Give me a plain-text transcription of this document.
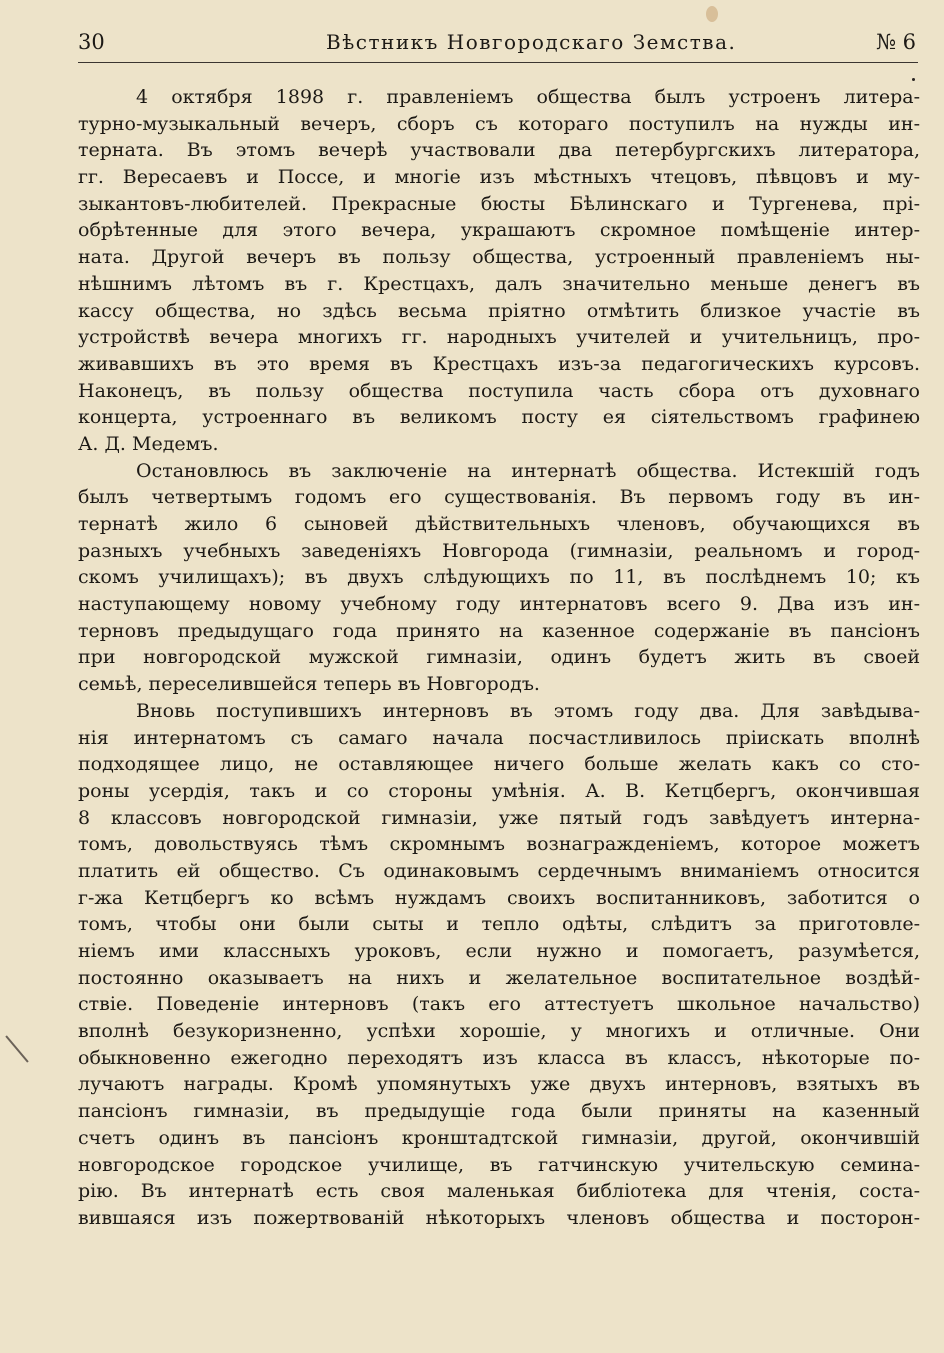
30	Вѣстникъ Новгородскаго Земства.	№ 6
4 октября 1898 г. правленіемъ общества былъ устроенъ литера-
турно-музыкальный вечеръ, сборъ съ котораго поступилъ на нужды ин-
терната. Въ этомъ вечерѣ участвовали два петербургскихъ литератора,
гг. Вересаевъ и Поссе, и многіе изъ мѣстныхъ чтецовъ, пѣвцовъ и му-
зыкантовъ-любителей. Прекрасные бюсты Бѣлинскаго и Тургенева, прі-
обрѣтенные для этого вечера, украшаютъ скромное помѣщеніе интер-
ната. Другой вечеръ въ пользу общества, устроенный правленіемъ ны-
нѣшнимъ лѣтомъ въ г. Крестцахъ, далъ значительно меньше денегъ въ
кассу общества, но здѣсь весьма пріятно отмѣтить близкое участіе въ
устройствѣ вечера многихъ гг. народныхъ учителей и учительницъ, про-
живавшихъ въ это время въ Крестцахъ изъ-за педагогическихъ курсовъ.
Наконецъ, въ пользу общества поступила часть сбора отъ духовнаго
концерта, устроеннаго въ великомъ посту ея сіятельствомъ графинею
А. Д. Медемъ.
Остановлюсь въ заключеніе на интернатѣ общества. Истекшій годъ
былъ четвертымъ годомъ его существованія. Въ первомъ году въ ин-
тернатѣ жило 6 сыновей дѣйствительныхъ членовъ, обучающихся въ
разныхъ учебныхъ заведеніяхъ Новгорода (гимназіи, реальномъ и город-
скомъ училищахъ); въ двухъ слѣдующихъ по 11, въ послѣднемъ 10; къ
наступающему новому учебному году интернатовъ всего 9. Два изъ ин-
терновъ предыдущаго года принято на казенное содержаніе въ пансіонъ
при новгородской мужской гимназіи, одинъ будетъ жить въ своей
семьѣ, переселившейся теперь въ Новгородъ.
Вновь поступившихъ интерновъ въ этомъ году два. Для завѣдыва-
нія интернатомъ съ самаго начала посчастливилось пріискать вполнѣ
подходящее лицо, не оставляющее ничего больше желать какъ со сто-
роны усердія, такъ и со стороны умѣнія. А. В. Кетцбергъ, окончившая
8 классовъ новгородской гимназіи, уже пятый годъ завѣдуетъ интерна-
томъ, довольствуясь тѣмъ скромнымъ вознагражденіемъ, которое можетъ
платить ей общество. Съ одинаковымъ сердечнымъ вниманіемъ относится
г-жа Кетцбергъ ко всѣмъ нуждамъ своихъ воспитанниковъ, заботится о
томъ, чтобы они были сыты и тепло одѣты, слѣдитъ за приготовле-
ніемъ ими классныхъ уроковъ, если нужно и помогаетъ, разумѣется,
постоянно оказываетъ на нихъ и желательное воспитательное воздѣй-
ствіе. Поведеніе интерновъ (такъ его аттестуетъ школьное начальство)
вполнѣ безукоризненно, успѣхи хорошіе, у многихъ и отличные. Они
обыкновенно ежегодно переходятъ изъ класса въ классъ, нѣкоторые по-
лучаютъ награды. Кромѣ упомянутыхъ уже двухъ интерновъ, взятыхъ въ
пансіонъ гимназіи, въ предыдущіе года были приняты на казенный
счетъ одинъ въ пансіонъ кронштадтской гимназіи, другой, окончившій
новгородское городское училище, въ гатчинскую учительскую семина-
рію. Въ интернатѣ есть своя маленькая библіотека для чтенія, соста-
вившаяся изъ пожертвованій нѣкоторыхъ членовъ общества и посторон-
